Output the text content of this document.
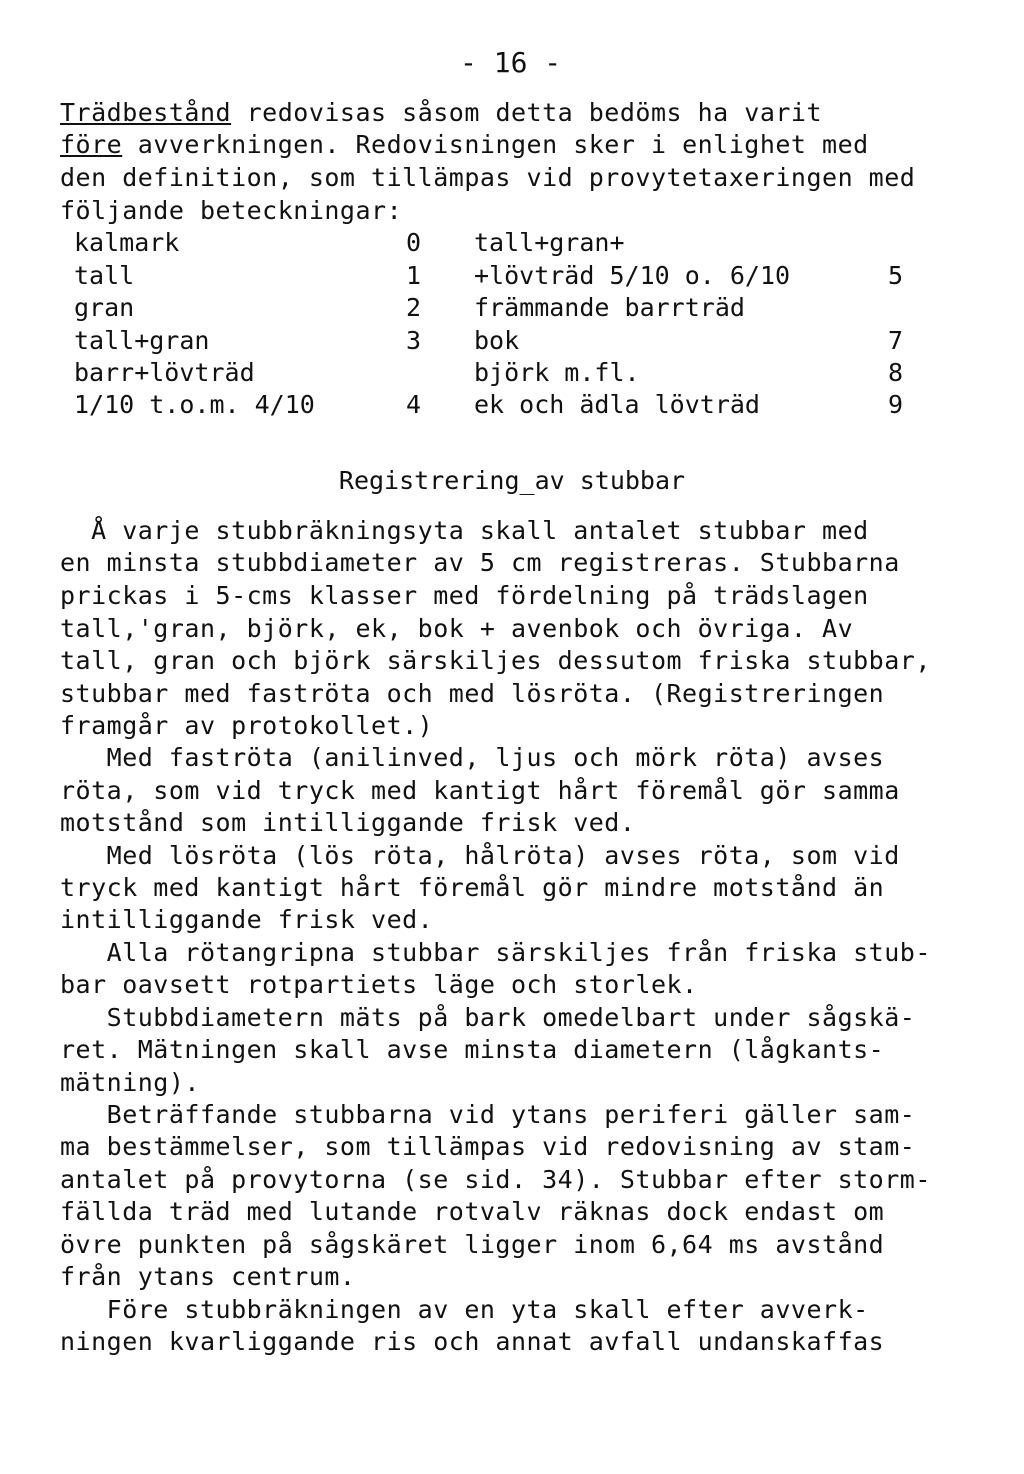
- 16 -
Trädbestånd redovisas såsom detta bedöms ha varit
före avverkningen. Redovisningen sker i enlighet med
den definition, som tillämpas vid provytetaxeringen med
följande beteckningar:
kalmark	0 tall+gran+
tall	1 +lövträd 5/10 o. 6/10	5
gran	2 främmande barrträd
tall+gran	3 bok	7
barr+lövträd	björk m.fl.	8
1/10 t.o.m. 4/10	4 ek och ädla lövträd	9
Registrering_av stubbar
Å varje stubbräkningsyta skall antalet stubbar med
en minsta stubbdiameter av 5 cm registreras. Stubbarna
prickas i 5-cms klasser med fördelning på trädslagen
tall,'gran, björk, ek, bok + avenbok och övriga. Av
tall, gran och björk särskiljes dessutom friska stubbar,
stubbar med faströta och med lösröta. (Registreringen
framgår av protokollet.)
Med faströta (anilinved, ljus och mörk röta) avses
röta, som vid tryck med kantigt hårt föremål gör samma
motstånd som intilliggande frisk ved.
Med lösröta (lös röta, hålröta) avses röta, som vid
tryck med kantigt hårt föremål gör mindre motstånd än
intilliggande frisk ved.
Alla rötangripna stubbar särskiljes från friska stub-
bar oavsett rotpartiets läge och storlek.
Stubbdiametern mäts på bark omedelbart under sågskä-
ret. Mätningen skall avse minsta diametern (lågkants-
mätning).
Beträffande stubbarna vid ytans periferi gäller sam-
ma bestämmelser, som tillämpas vid redovisning av stam-
antalet på provytorna (se sid. 34). Stubbar efter storm-
fällda träd med lutande rotvalv räknas dock endast om
övre punkten på sågskäret ligger inom 6,64 ms avstånd
från ytans centrum.
Före stubbräkningen av en yta skall efter avverk-
ningen kvarliggande ris och annat avfall undanskaffas
